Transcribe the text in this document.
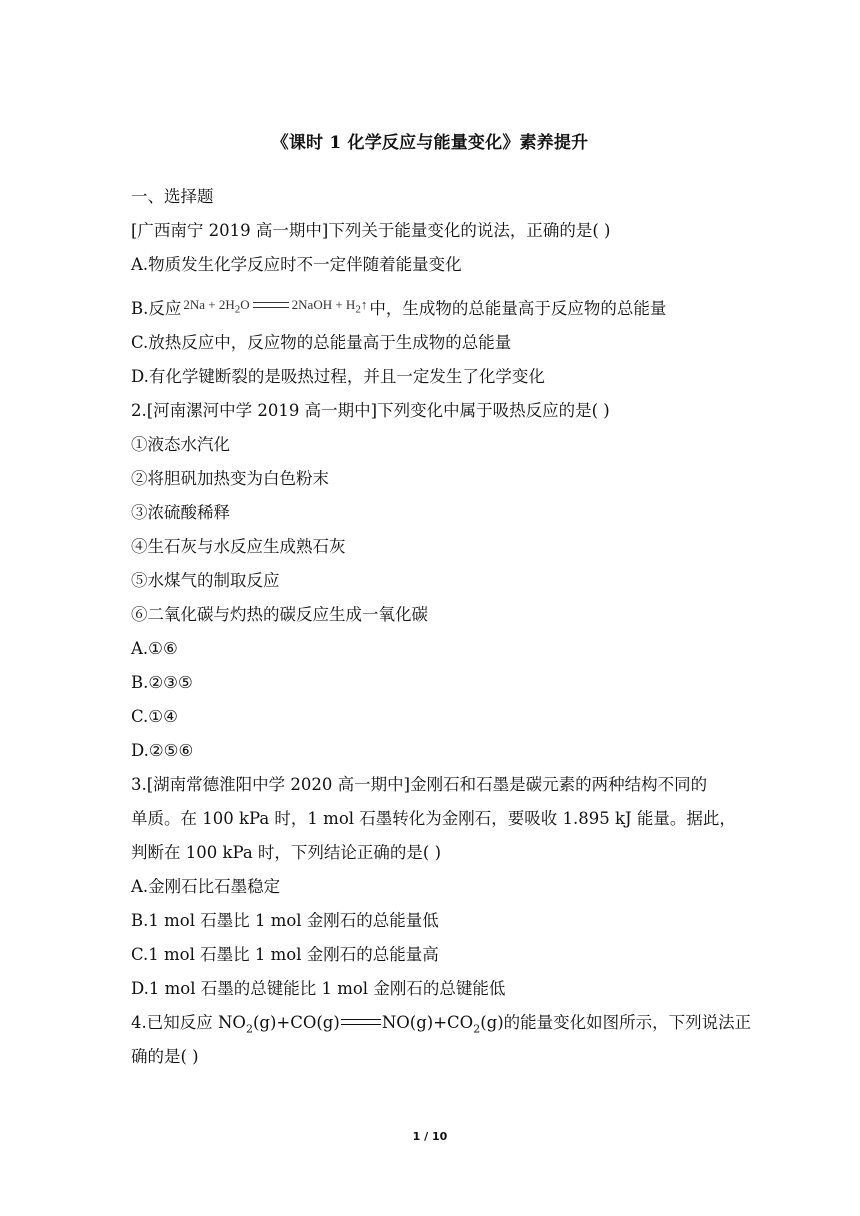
《课时 1 化学反应与能量变化》素养提升
一、选择题
[广西南宁 2019 高一期中]下列关于能量变化的说法，正确的是( )
A.物质发生化学反应时不一定伴随着能量变化
B.反应 $^{2Na + 2H_2O 2NaOH + H_2↑}$ 中，生成物的总能量高于反应物的总能量
C.放热反应中，反应物的总能量高于生成物的总能量
D.有化学键断裂的是吸热过程，并且一定发生了化学变化
2.[河南漯河中学 2019 高一期中]下列变化中属于吸热反应的是( )
①液态水汽化
②将胆矾加热变为白色粉末
③浓硫酸稀释
④生石灰与水反应生成熟石灰
⑤水煤气的制取反应
⑥二氧化碳与灼热的碳反应生成一氧化碳
A.①⑥
B.②③⑤
C.①④
D.②⑤⑥
3.[湖南常德淮阳中学 2020 高一期中]金刚石和石墨是碳元素的两种结构不同的
单质。在 100 kPa 时，1 mol 石墨转化为金刚石，要吸收 1.895 kJ 能量。据此，
判断在 100 kPa 时，下列结论正确的是( )
A.金刚石比石墨稳定
B.1 mol 石墨比 1 mol 金刚石的总能量低
C.1 mol 石墨比 1 mol 金刚石的总能量高
D.1 mol 石墨的总键能比 1 mol 金刚石的总键能低
4.已知反应 $NO_2(g)+CO(g)$	$NO(g)+CO_2(g)$的能量变化如图所示，下列说法正
确的是( )
1 / 10
